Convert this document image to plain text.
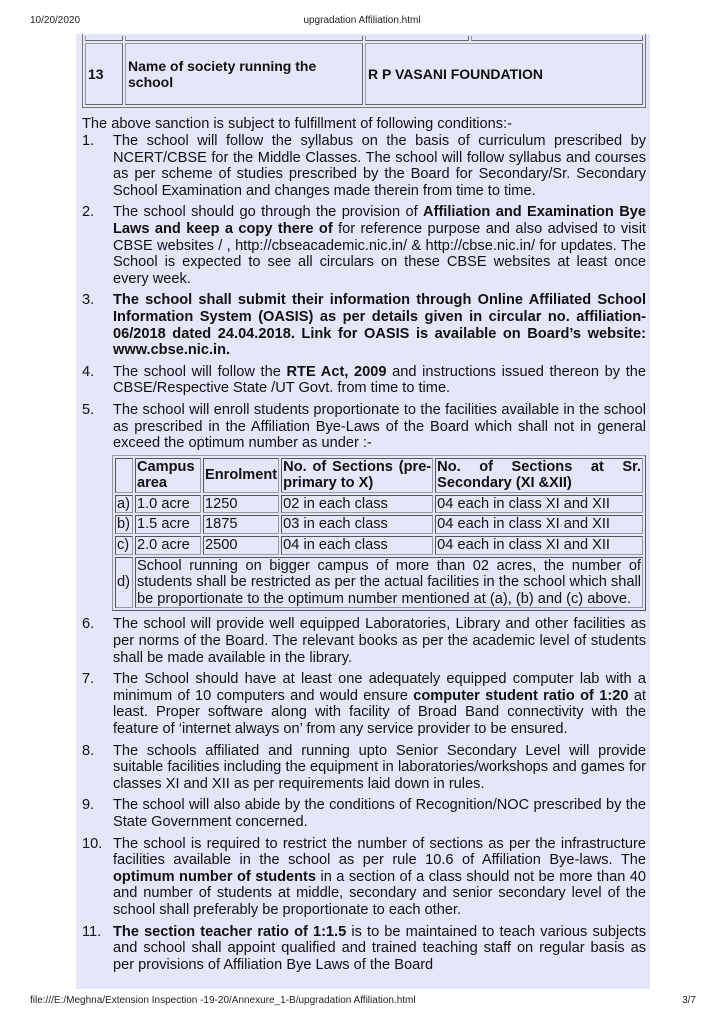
10/20/2020	upgradation Affiliation.html

13	Name of society running the school	R P VASANI FOUNDATION	
The above sanction is subject to fulfillment of following conditions:-
1. The school will follow the syllabus on the basis of curriculum prescribed by NCERT/CBSE for the Middle Classes. The school will follow syllabus and courses as per scheme of studies prescribed by the Board for Secondary/Sr. Secondary School Examination and changes made therein from time to time.
2. The school should go through the provision of Affiliation and Examination Bye Laws and keep a copy there of for reference purpose and also advised to visit CBSE websites / , http://cbseacademic.nic.in/ & http://cbse.nic.in/ for updates. The School is expected to see all circulars on these CBSE websites at least once every week.
3. The school shall submit their information through Online Affiliated School Information System (OASIS) as per details given in circular no. affiliation-06/2018 dated 24.04.2018. Link for OASIS is available on Board’s website: www.cbse.nic.in.
4. The school will follow the RTE Act, 2009 and instructions issued thereon by the CBSE/Respective State /UT Govt. from time to time.
5. The school will enroll students proportionate to the facilities available in the school as prescribed in the Affiliation Bye-Laws of the Board which shall not in general exceed the optimum number as under :-
	Campus area	Enrolment	No. of Sections (pre-primary to X)	No. of Sections at Sr. Secondary (XI &XII)
a)	1.0 acre	1250	02 in each class	04 each in class XI and XII
b)	1.5 acre	1875	03 in each class	04 each in class XI and XII
c)	2.0 acre	2500	04 in each class	04 each in class XI and XII
d)	School running on bigger campus of more than 02 acres, the number of students shall be restricted as per the actual facilities in the school which shall be proportionate to the optimum number mentioned at (a), (b) and (c) above.			
6. The school will provide well equipped Laboratories, Library and other facilities as per norms of the Board. The relevant books as per the academic level of students shall be made available in the library.
7. The School should have at least one adequately equipped computer lab with a minimum of 10 computers and would ensure computer student ratio of 1:20 at least. Proper software along with facility of Broad Band connectivity with the feature of ‘internet always on’ from any service provider to be ensured.
8. The schools affiliated and running upto Senior Secondary Level will provide suitable facilities including the equipment in laboratories/workshops and games for classes XI and XII as per requirements laid down in rules.
9. The school will also abide by the conditions of Recognition/NOC prescribed by the State Government concerned.
10. The school is required to restrict the number of sections as per the infrastructure facilities available in the school as per rule 10.6 of Affiliation Bye-laws. The optimum number of students in a section of a class should not be more than 40 and number of students at middle, secondary and senior secondary level of the school shall preferably be proportionate to each other.
11. The section teacher ratio of 1:1.5 is to be maintained to teach various subjects and school shall appoint qualified and trained teaching staff on regular basis as per provisions of Affiliation Bye Laws of the Board
file:///E:/Meghna/Extension Inspection -19-20/Annexure_1-B/upgradation Affiliation.html	3/7
